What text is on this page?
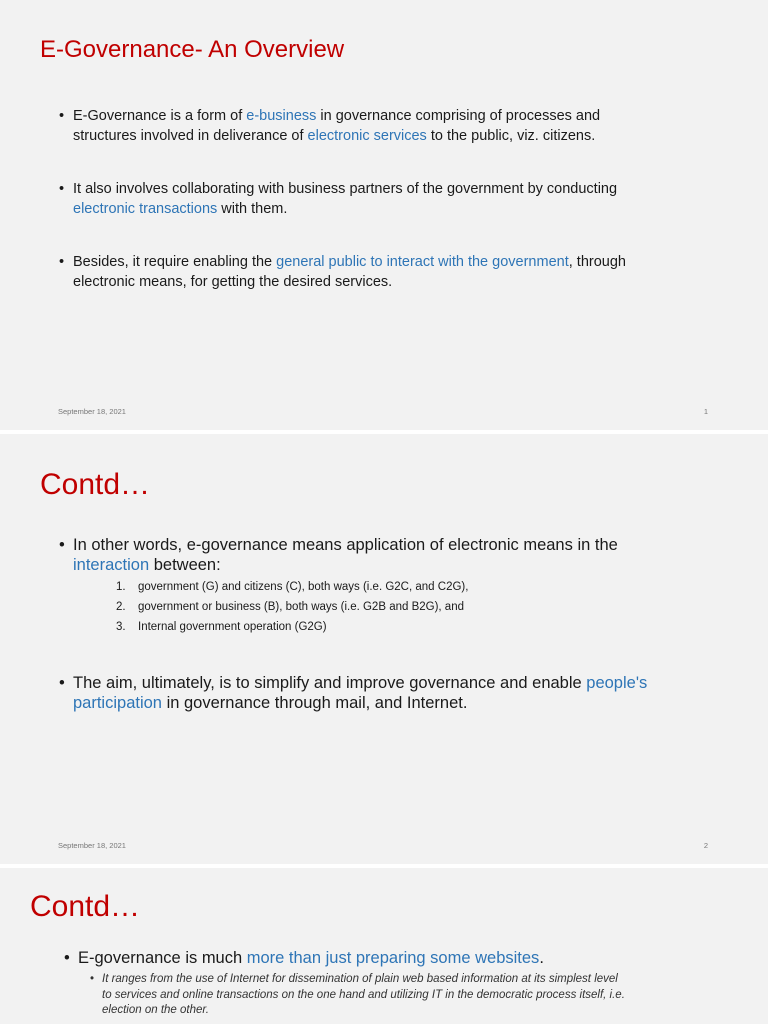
E-Governance- An Overview
• E-Governance is a form of e-business in governance comprising of processes and
structures involved in deliverance of electronic services to the public, viz. citizens.
• It also involves collaborating with business partners of the government by conducting
electronic transactions with them.
• Besides, it require enabling the general public to interact with the government, through
electronic means, for getting the desired services.
September 18, 2021	1
Contd…
• In other words, e-governance means application of electronic means in the
interaction between:
1. government (G) and citizens (C), both ways (i.e. G2C, and C2G),
2. government or business (B), both ways (i.e. G2B and B2G), and
3. Internal government operation (G2G)
• The aim, ultimately, is to simplify and improve governance and enable people's
participation in governance through mail, and Internet.
September 18, 2021	2
Contd…
• E-governance is much more than just preparing some websites.
• It ranges from the use of Internet for dissemination of plain web based information at its simplest level
to services and online transactions on the one hand and utilizing IT in the democratic process itself, i.e.
election on the other.
